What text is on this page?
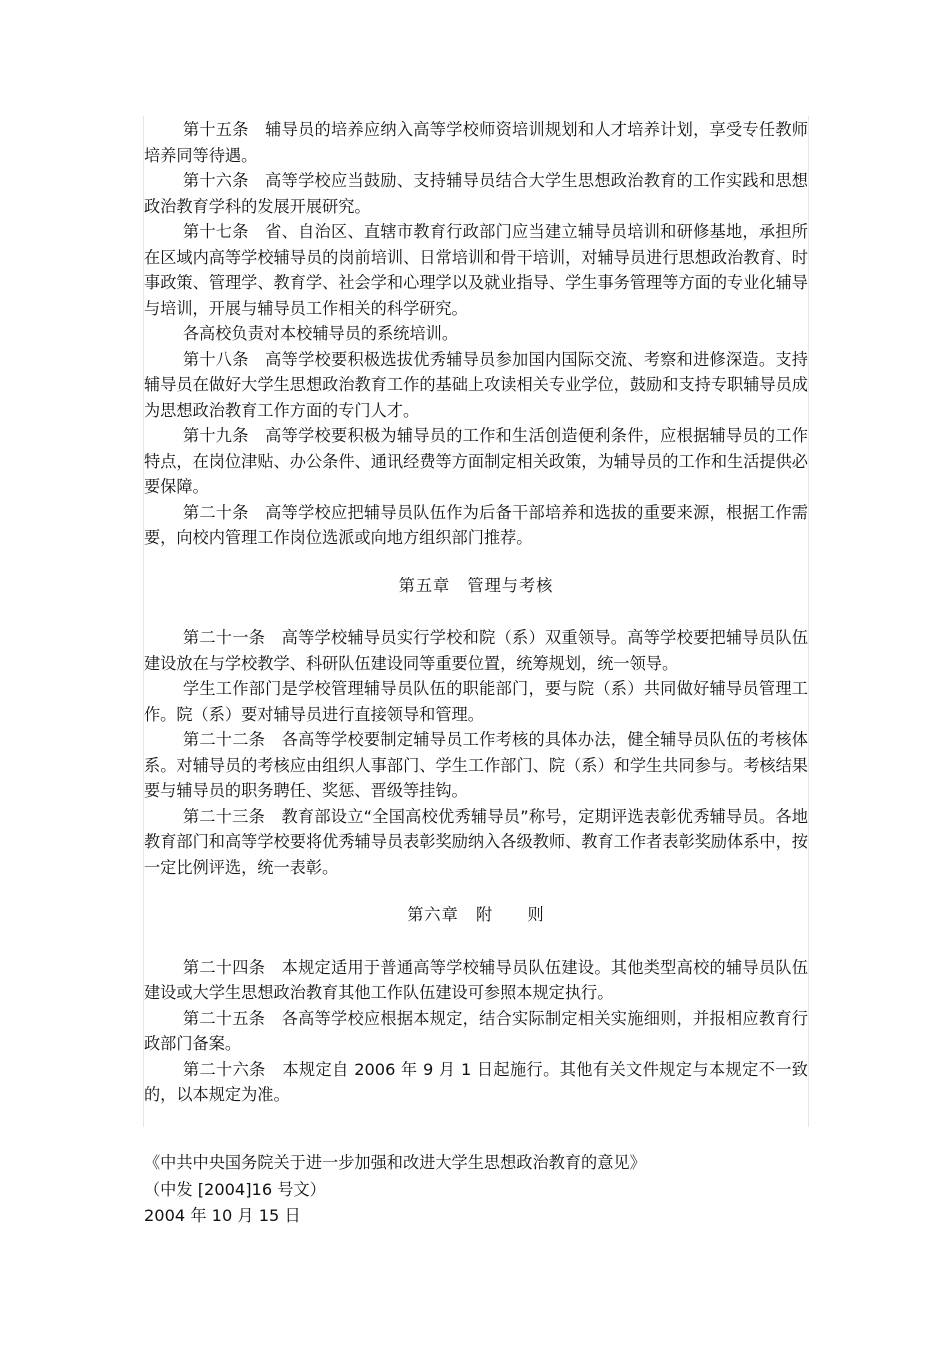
第十五条　辅导员的培养应纳入高等学校师资培训规划和人才培养计划，享受专任教师培养同等待遇。

第十六条　高等学校应当鼓励、支持辅导员结合大学生思想政治教育的工作实践和思想政治教育学科的发展开展研究。

第十七条　省、自治区、直辖市教育行政部门应当建立辅导员培训和研修基地，承担所在区域内高等学校辅导员的岗前培训、日常培训和骨干培训，对辅导员进行思想政治教育、时事政策、管理学、教育学、社会学和心理学以及就业指导、学生事务管理等方面的专业化辅导与培训，开展与辅导员工作相关的科学研究。

各高校负责对本校辅导员的系统培训。

第十八条　高等学校要积极选拔优秀辅导员参加国内国际交流、考察和进修深造。支持辅导员在做好大学生思想政治教育工作的基础上攻读相关专业学位，鼓励和支持专职辅导员成为思想政治教育工作方面的专门人才。

第十九条　高等学校要积极为辅导员的工作和生活创造便利条件，应根据辅导员的工作特点，在岗位津贴、办公条件、通讯经费等方面制定相关政策，为辅导员的工作和生活提供必要保障。

第二十条　高等学校应把辅导员队伍作为后备干部培养和选拔的重要来源，根据工作需要，向校内管理工作岗位选派或向地方组织部门推荐。

第五章　管理与考核

第二十一条　高等学校辅导员实行学校和院（系）双重领导。高等学校要把辅导员队伍建设放在与学校教学、科研队伍建设同等重要位置，统筹规划，统一领导。

学生工作部门是学校管理辅导员队伍的职能部门，要与院（系）共同做好辅导员管理工作。院（系）要对辅导员进行直接领导和管理。

第二十二条　各高等学校要制定辅导员工作考核的具体办法，健全辅导员队伍的考核体系。对辅导员的考核应由组织人事部门、学生工作部门、院（系）和学生共同参与。考核结果要与辅导员的职务聘任、奖惩、晋级等挂钩。

第二十三条　教育部设立“全国高校优秀辅导员”称号，定期评选表彰优秀辅导员。各地教育部门和高等学校要将优秀辅导员表彰奖励纳入各级教师、教育工作者表彰奖励体系中，按一定比例评选，统一表彰。

第六章　附　　则

第二十四条　本规定适用于普通高等学校辅导员队伍建设。其他类型高校的辅导员队伍建设或大学生思想政治教育其他工作队伍建设可参照本规定执行。

第二十五条　各高等学校应根据本规定，结合实际制定相关实施细则，并报相应教育行政部门备案。

第二十六条　本规定自 2006 年 9 月 1 日起施行。其他有关文件规定与本规定不一致的，以本规定为准。

《中共中央国务院关于进一步加强和改进大学生思想政治教育的意见》
（中发 [2004]16 号文）
2004 年 10 月 15 日
